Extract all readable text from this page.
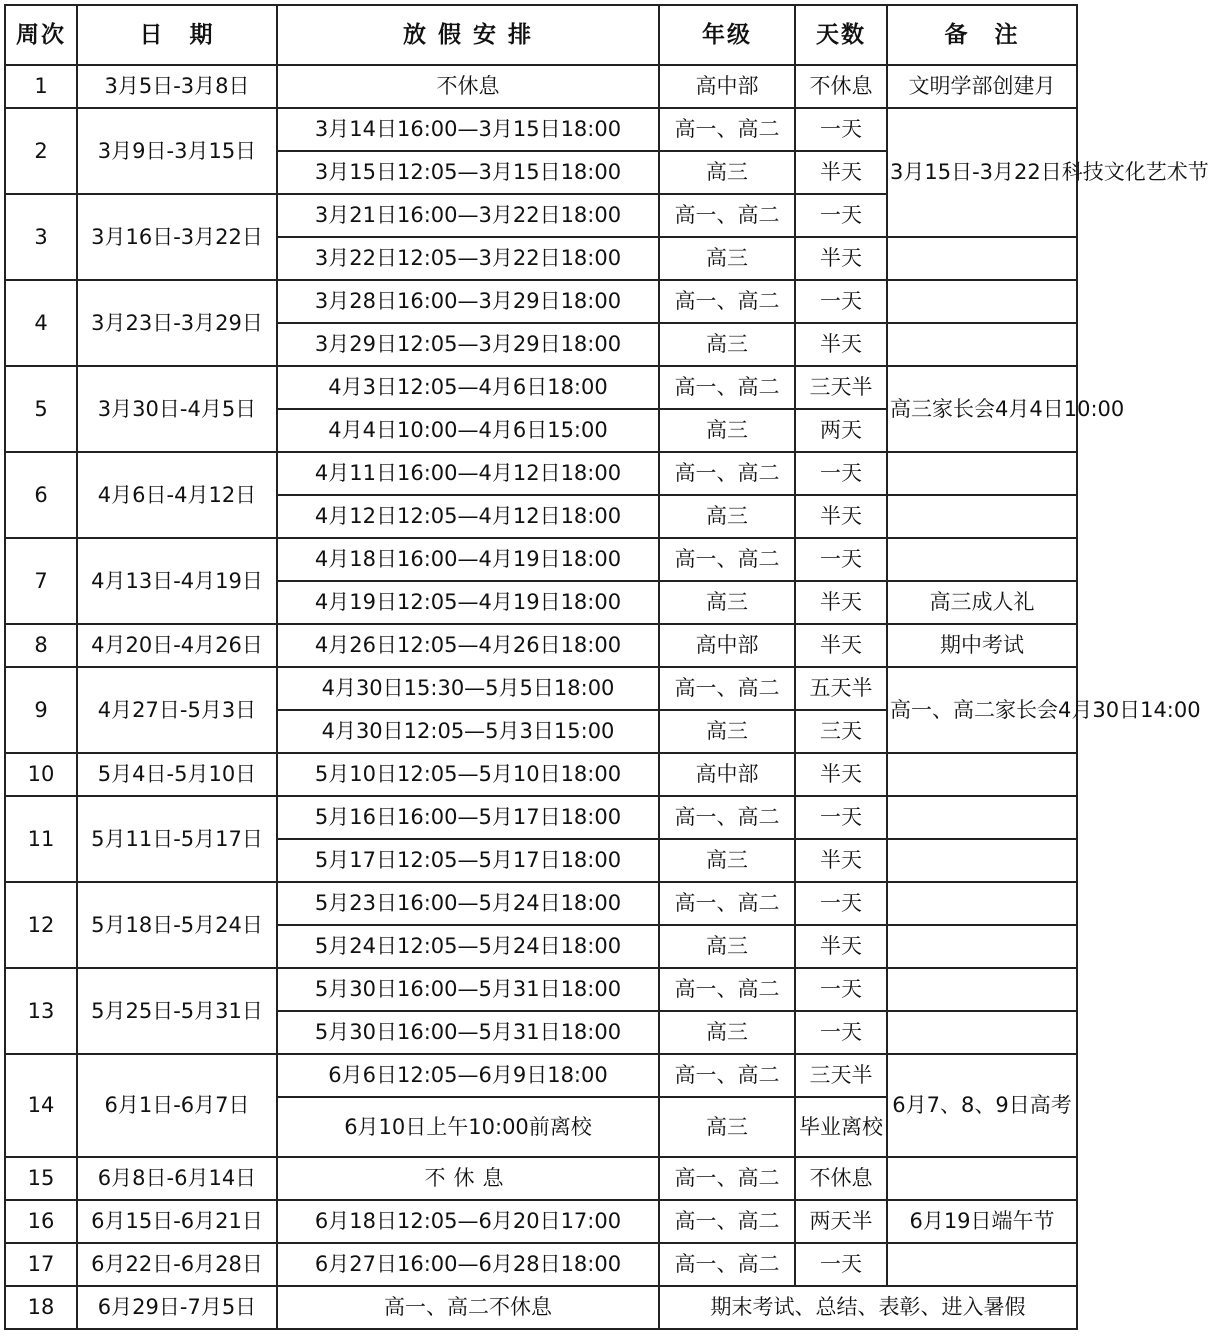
周次	日　期	放 假 安 排	年级	天数	备　注
1	3月5日-3月8日	不休息	高中部	不休息	文明学部创建月
2	3月9日-3月15日	3月14日16:00—3月15日18:00	高一、高二	一天	3月15日-3月22日科技文化艺术节
		3月15日12:05—3月15日18:00	高三	半天	
3	3月16日-3月22日	3月21日16:00—3月22日18:00	高一、高二	一天	
		3月22日12:05—3月22日18:00	高三	半天	
4	3月23日-3月29日	3月28日16:00—3月29日18:00	高一、高二	一天	
		3月29日12:05—3月29日18:00	高三	半天	
5	3月30日-4月5日	4月3日12:05—4月6日18:00	高一、高二	三天半	高三家长会4月4日10:00
		4月4日10:00—4月6日15:00	高三	两天	
6	4月6日-4月12日	4月11日16:00—4月12日18:00	高一、高二	一天	
		4月12日12:05—4月12日18:00	高三	半天	
7	4月13日-4月19日	4月18日16:00—4月19日18:00	高一、高二	一天	
		4月19日12:05—4月19日18:00	高三	半天	高三成人礼
8	4月20日-4月26日	4月26日12:05—4月26日18:00	高中部	半天	期中考试
9	4月27日-5月3日	4月30日15:30—5月5日18:00	高一、高二	五天半	高一、高二家长会4月30日14:00
		4月30日12:05—5月3日15:00	高三	三天	
10	5月4日-5月10日	5月10日12:05—5月10日18:00	高中部	半天	
11	5月11日-5月17日	5月16日16:00—5月17日18:00	高一、高二	一天	
		5月17日12:05—5月17日18:00	高三	半天	
12	5月18日-5月24日	5月23日16:00—5月24日18:00	高一、高二	一天	
		5月24日12:05—5月24日18:00	高三	半天	
13	5月25日-5月31日	5月30日16:00—5月31日18:00	高一、高二	一天	
		5月30日16:00—5月31日18:00	高三	一天	
14	6月1日-6月7日	6月6日12:05—6月9日18:00	高一、高二	三天半	6月7、8、9日高考
		6月10日上午10:00前离校	高三	毕业离校	
15	6月8日-6月14日	不休息	高一、高二	不休息	
16	6月15日-6月21日	6月18日12:05—6月20日17:00	高一、高二	两天半	6月19日端午节
17	6月22日-6月28日	6月27日16:00—6月28日18:00	高一、高二	一天	
18	6月29日-7月5日	高一、高二不休息	期末考试、总结、表彰、进入暑假		
